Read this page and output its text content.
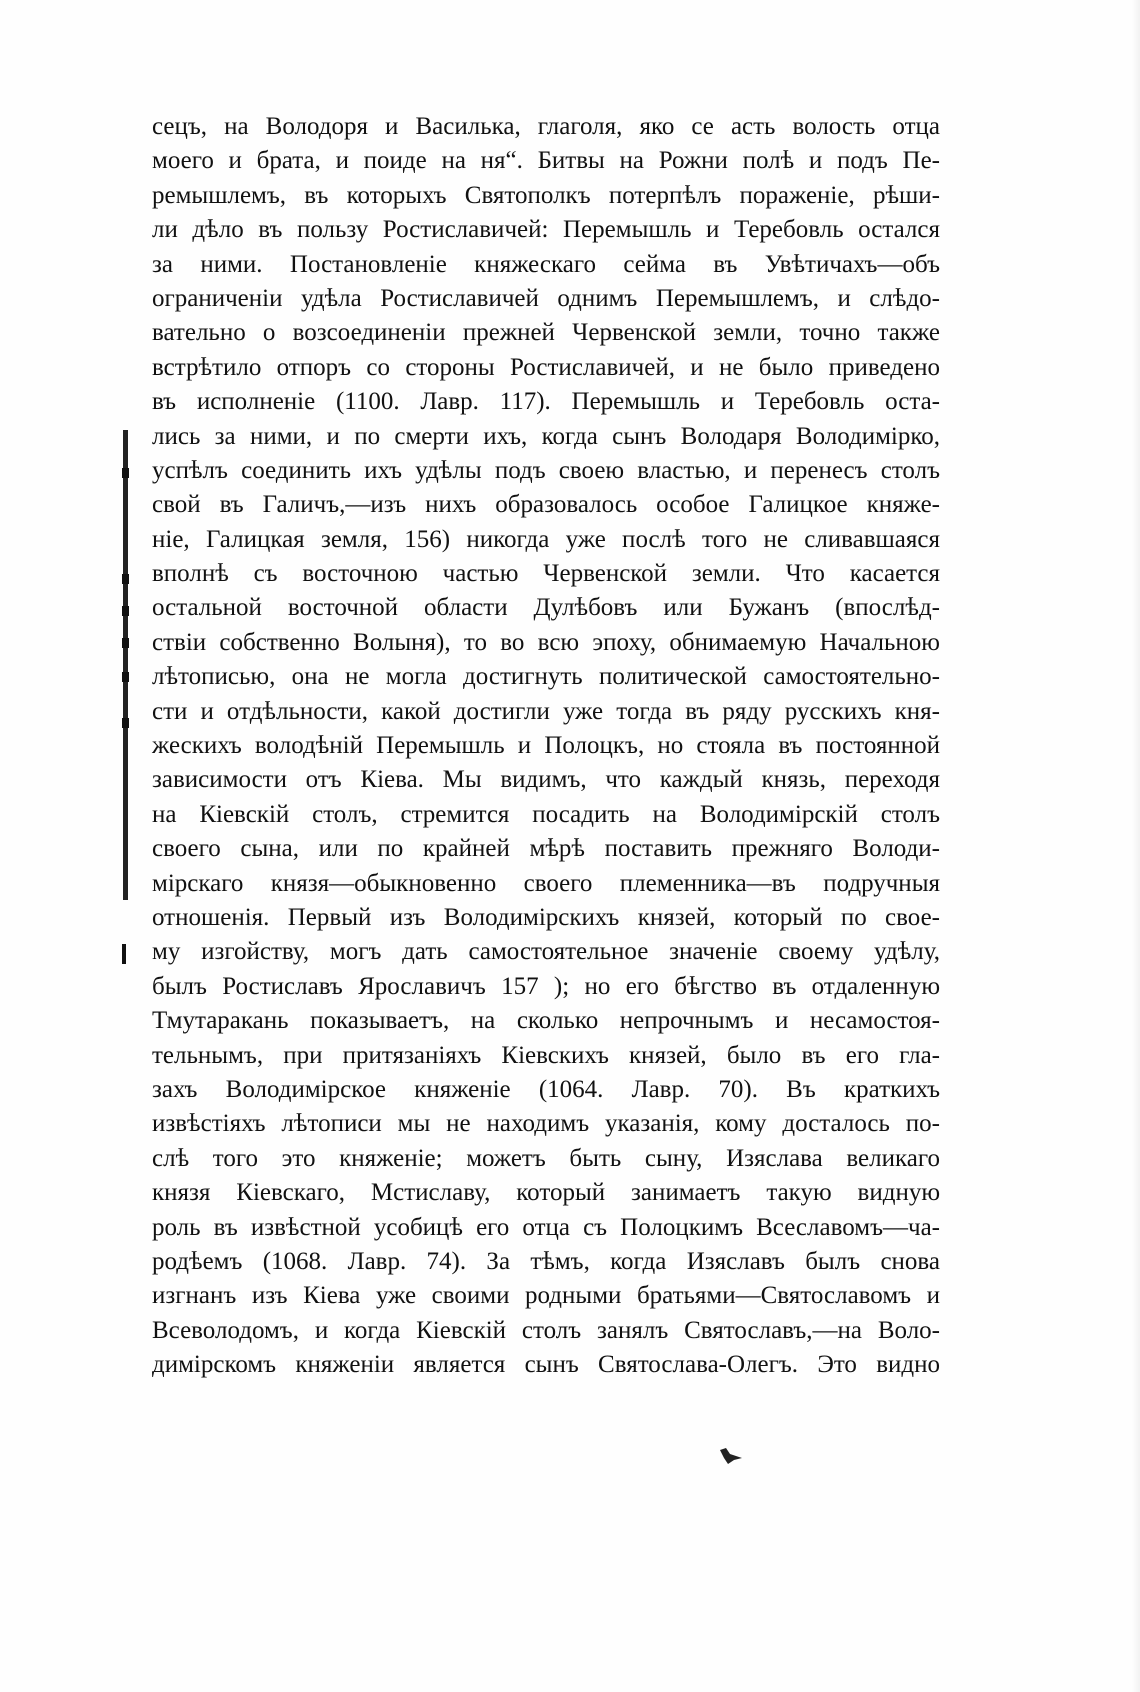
сецъ, на Володоря и Василька, глаголя, яко се асть волость отца
моего и брата, и поиде на ня“. Битвы на Рожни полѣ и подъ Пе-
ремышлемъ, въ которыхъ Святополкъ потерпѣлъ пораженіе, рѣши-
ли дѣло въ пользу Ростиславичей: Перемышль и Теребовль остался
за ними. Постановленіе княжескаго сейма въ Увѣтичахъ—объ
ограниченіи удѣла Ростиславичей однимъ Перемышлемъ, и слѣдо-
вательно о возсоединеніи прежней Червенской земли, точно также
встрѣтило отпоръ со стороны Ростиславичей, и не было приведено
въ исполненіе (1100. Лавр. 117). Перемышль и Теребовль оста-
лись за ними, и по смерти ихъ, когда сынъ Володаря Володимірко,
успѣлъ соединить ихъ удѣлы подъ своею властью, и перенесъ столъ
свой въ Галичъ,—изъ нихъ образовалось особое Галицкое княже-
ніе, Галицкая земля, 156) никогда уже послѣ того не сливавшаяся
вполнѣ съ восточною частью Червенской земли. Что касается
остальной восточной области Дулѣбовъ или Бужанъ (впослѣд-
ствіи собственно Волыня), то во всю эпоху, обнимаемую Начальною
лѣтописью, она не могла достигнуть политической самостоятельно-
сти и отдѣльности, какой достигли уже тогда въ ряду русскихъ кня-
жескихъ володѣній Перемышль и Полоцкъ, но стояла въ постоянной
зависимости отъ Кіева. Мы видимъ, что каждый князь, переходя
на Кіевскій столъ, стремится посадить на Володимірскій столъ
своего сына, или по крайней мѣрѣ поставить прежняго Володи-
мірскаго князя—обыкновенно своего племенника—въ подручныя
отношенія. Первый изъ Володимірскихъ князей, который по свое-
му изгойству, могъ дать самостоятельное значеніе своему удѣлу,
былъ Ростиславъ Ярославичъ 157 ); но его бѣгство въ отдаленную
Тмутаракань показываетъ, на сколько непрочнымъ и несамостоя-
тельнымъ, при притязаніяхъ Кіевскихъ князей, было въ его гла-
захъ Володимірское княженіе (1064. Лавр. 70). Въ краткихъ
извѣстіяхъ лѣтописи мы не находимъ указанія, кому досталось по-
слѣ того это княженіе; можетъ быть сыну, Изяслава великаго
князя Кіевскаго, Мстиславу, который занимаетъ такую видную
роль въ извѣстной усобицѣ его отца съ Полоцкимъ Всеславомъ—ча-
родѣемъ (1068. Лавр. 74). За тѣмъ, когда Изяславъ былъ снова
изгнанъ изъ Кіева уже своими родными братьями—Святославомъ и
Всеволодомъ, и когда Кіевскій столъ занялъ Святославъ,—на Воло-
димірскомъ княженіи является сынъ Святослава-Олегъ. Это видно
